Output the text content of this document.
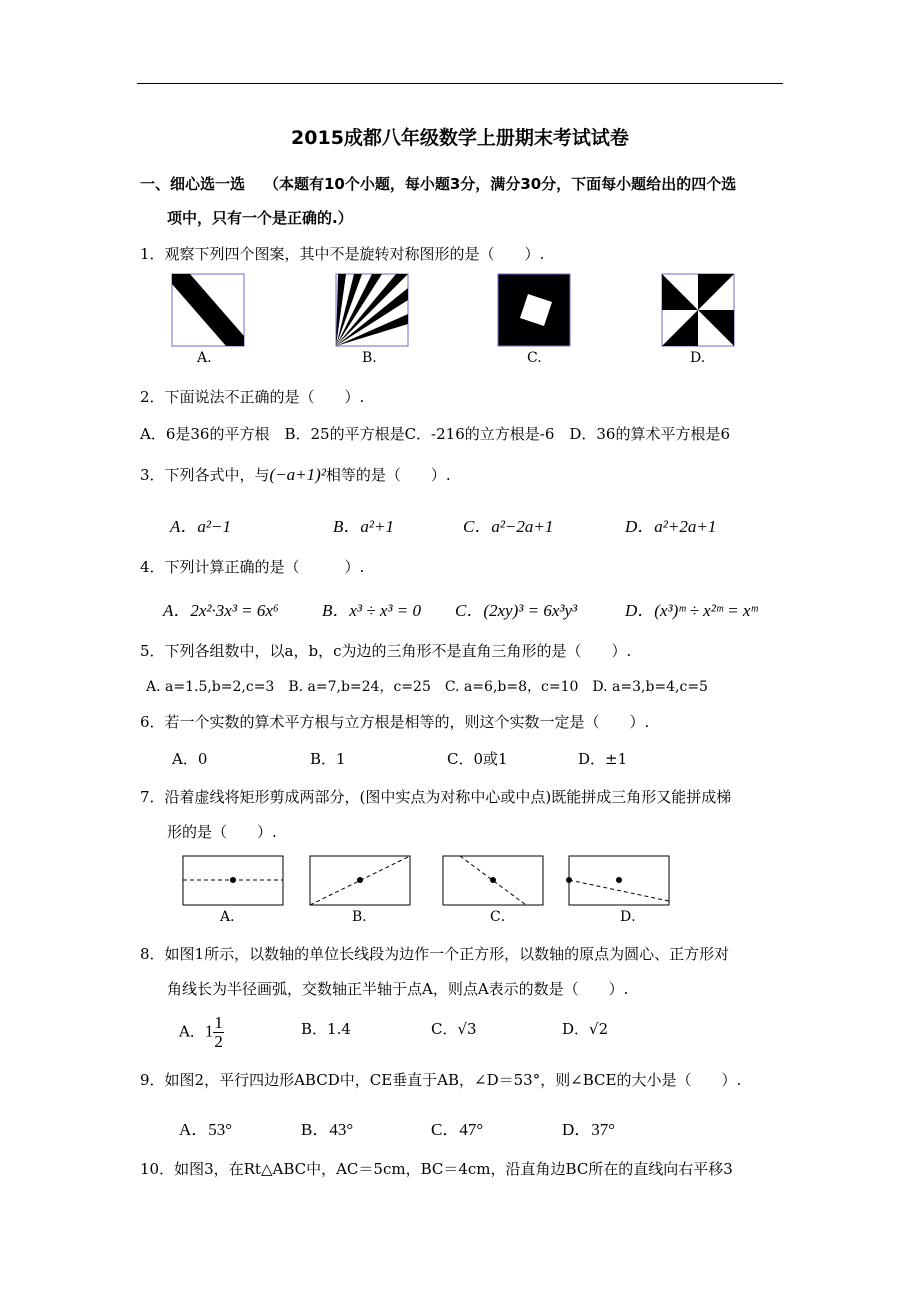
2015成都八年级数学上册期末考试试卷
一、细心选一选 （本题有10个小题，每小题3分，满分30分，下面每小题给出的四个选
项中，只有一个是正确的.）
1．观察下列四个图案，其中不是旋转对称图形的是（　　）.
A.	B.	C.	D.
2．下面说法不正确的是（　　）.
A．6是36的平方根　B．25的平方根是C．-216的立方根是-6　D．36的算术平方根是6
3．下列各式中，与(−a+1)²相等的是（　　）.
A．a²−1	B．a²+1	C．a²−2a+1	D．a²+2a+1
4．下列计算正确的是（　　　）.
A．2x²·3x³ = 6x⁶	B．x³ ÷ x³ = 0 C．(2xy)³ = 6x³y³	D．(x³)ᵐ ÷ x²ᵐ = xᵐ
5．下列各组数中，以a，b，c为边的三角形不是直角三角形的是（　　）.
A. a=1.5,b=2,c=3　B. a=7,b=24，c=25　C. a=6,b=8，c=10　D. a=3,b=4,c=5
6．若一个实数的算术平方根与立方根是相等的，则这个实数一定是（　　）.
A．0	B．1	C．0或1	D．±1
7．沿着虚线将矩形剪成两部分，(图中实点为对称中心或中点)既能拼成三角形又能拼成梯
形的是（　　）.
A．	B．	C．	D．
8．如图1所示，以数轴的单位长线段为边作一个正方形，以数轴的原点为圆心、正方形对
角线长为半径画弧，交数轴正半轴于点A，则点A表示的数是（　　）.
A．$1 \frac{1}{2}$	B．1.4	C．√3	D．√2
9．如图2，平行四边形ABCD中，CE垂直于AB，∠D＝53°，则∠BCE的大小是（　　）.
A．53°	B．43°	C．47°	D．37°
10．如图3，在Rt△ABC中，AC＝5cm，BC＝4cm，沿直角边BC所在的直线向右平移3
